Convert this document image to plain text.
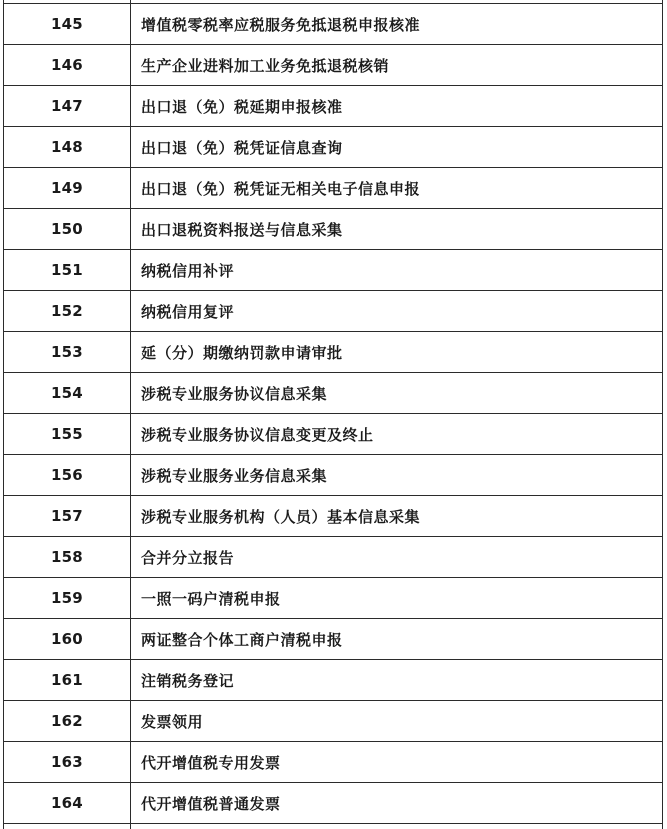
145	增值税零税率应税服务免抵退税申报核准
146	生产企业进料加工业务免抵退税核销
147	出口退（免）税延期申报核准
148	出口退（免）税凭证信息查询
149	出口退（免）税凭证无相关电子信息申报
150	出口退税资料报送与信息采集
151	纳税信用补评
152	纳税信用复评
153	延（分）期缴纳罚款申请审批
154	涉税专业服务协议信息采集
155	涉税专业服务协议信息变更及终止
156	涉税专业服务业务信息采集
157	涉税专业服务机构（人员）基本信息采集
158	合并分立报告
159	一照一码户清税申报
160	两证整合个体工商户清税申报
161	注销税务登记
162	发票领用
163	代开增值税专用发票
164	代开增值税普通发票
